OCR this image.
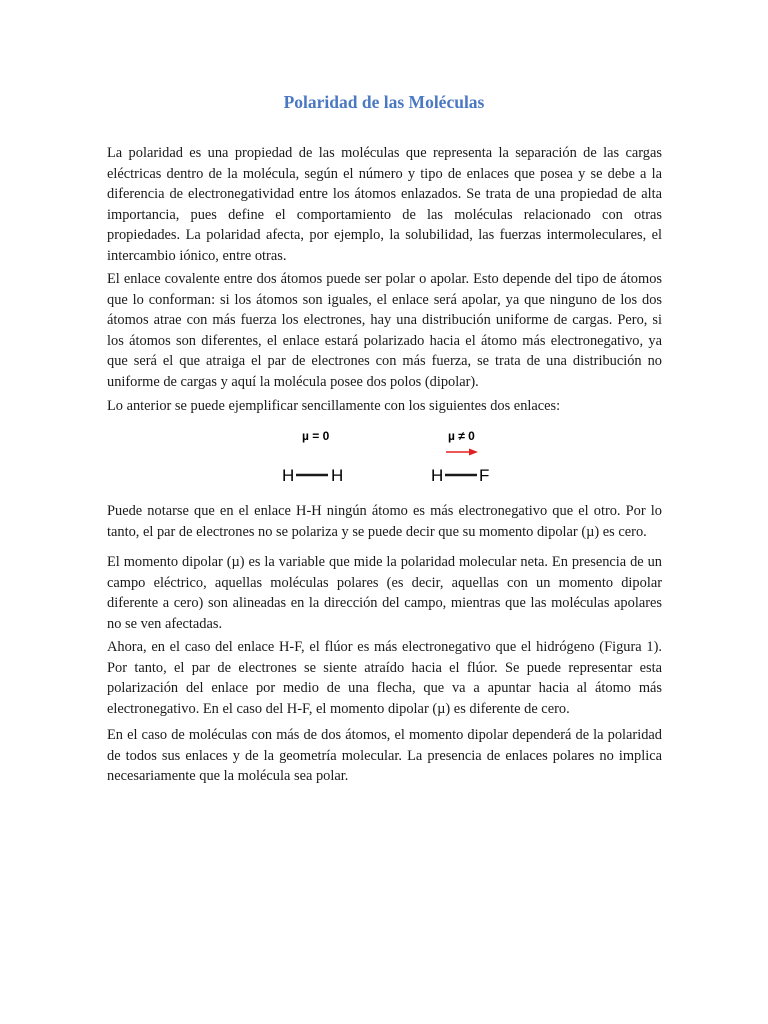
Polaridad de las Moléculas

La polaridad es una propiedad de las moléculas que representa la separación de las cargas eléctricas dentro de la molécula, según el número y tipo de enlaces que posea y se debe a la diferencia de electronegatividad entre los átomos enlazados. Se trata de una propiedad de alta importancia, pues define el comportamiento de las moléculas relacionado con otras propiedades. La polaridad afecta, por ejemplo, la solubilidad, las fuerzas intermoleculares, el intercambio iónico, entre otras.

El enlace covalente entre dos átomos puede ser polar o apolar. Esto depende del tipo de átomos que lo conforman: si los átomos son iguales, el enlace será apolar, ya que ninguno de los dos átomos atrae con más fuerza los electrones, hay una distribución uniforme de cargas. Pero, si los átomos son diferentes, el enlace estará polarizado hacia el átomo más electronegativo, ya que será el que atraiga el par de electrones con más fuerza, se trata de una distribución no uniforme de cargas y aquí la molécula posee dos polos (dipolar).

Lo anterior se puede ejemplificar sencillamente con los siguientes dos enlaces:

µ = 0
H H
µ ≠ 0
H F

Puede notarse que en el enlace H-H ningún átomo es más electronegativo que el otro. Por lo tanto, el par de electrones no se polariza y se puede decir que su momento dipolar (µ) es cero.

El momento dipolar (µ) es la variable que mide la polaridad molecular neta. En presencia de un campo eléctrico, aquellas moléculas polares (es decir, aquellas con un momento dipolar diferente a cero) son alineadas en la dirección del campo, mientras que las moléculas apolares no se ven afectadas.

Ahora, en el caso del enlace H-F, el flúor es más electronegativo que el hidrógeno (Figura 1). Por tanto, el par de electrones se siente atraído hacia el flúor. Se puede representar esta polarización del enlace por medio de una flecha, que va a apuntar hacia al átomo más electronegativo. En el caso del H-F, el momento dipolar (µ) es diferente de cero.

En el caso de moléculas con más de dos átomos, el momento dipolar dependerá de la polaridad de todos sus enlaces y de la geometría molecular. La presencia de enlaces polares no implica necesariamente que la molécula sea polar.
